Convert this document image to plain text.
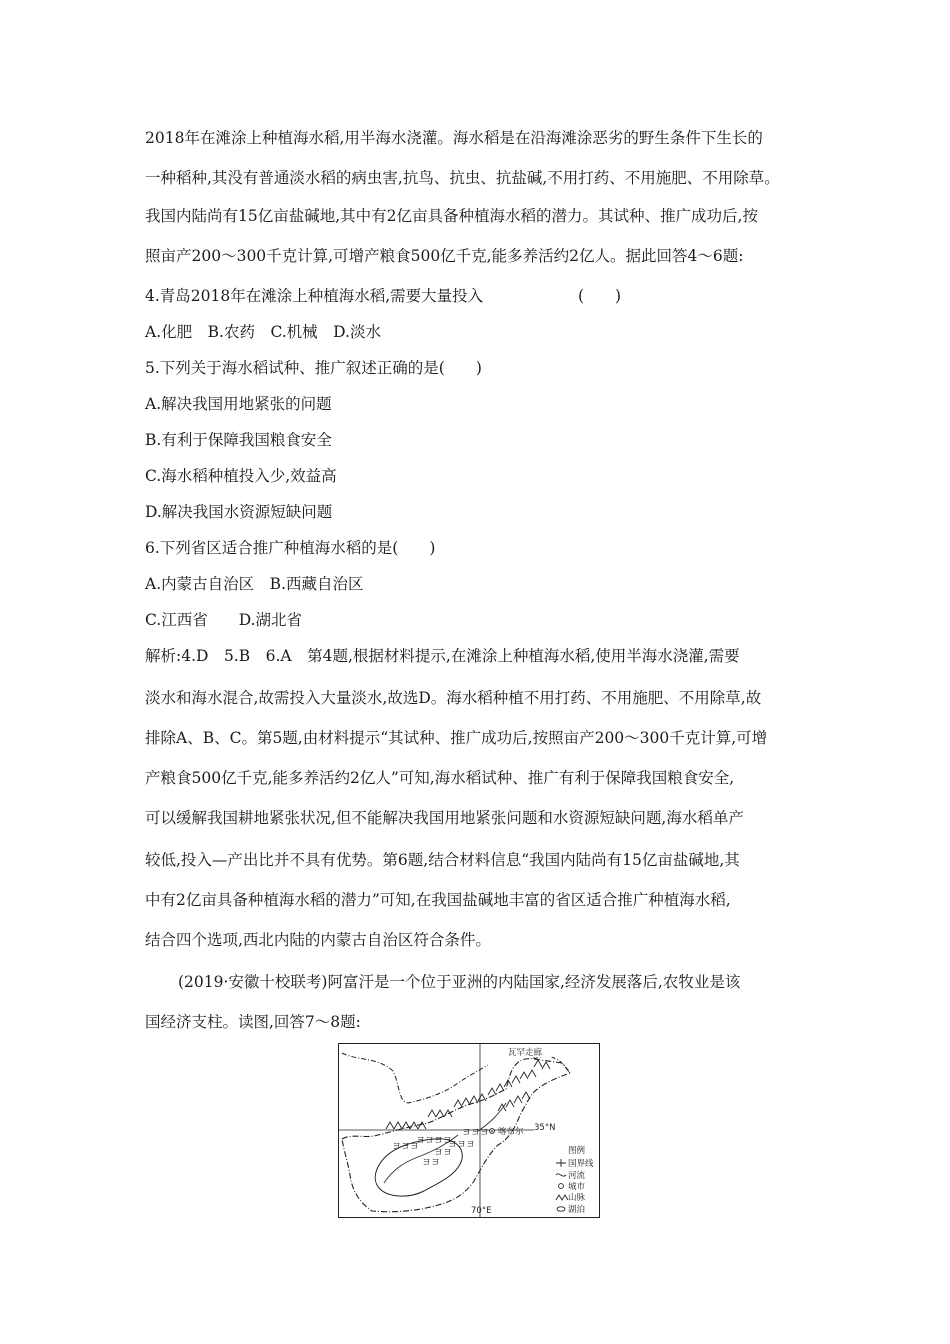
2018年在滩涂上种植海水稻,用半海水浇灌。海水稻是在沿海滩涂恶劣的野生条件下生长的
一种稻种,其没有普通淡水稻的病虫害,抗鸟、抗虫、抗盐碱,不用打药、不用施肥、不用除草。
我国内陆尚有15亿亩盐碱地,其中有2亿亩具备种植海水稻的潜力。其试种、推广成功后,按
照亩产200～300千克计算,可增产粮食500亿千克,能多养活约2亿人。据此回答4～6题:
4.青岛2018年在滩涂上种植海水稻,需要大量投入	(　　)
A.化肥　B.农药　C.机械　D.淡水
5.下列关于海水稻试种、推广叙述正确的是(　　)
A.解决我国用地紧张的问题
B.有利于保障我国粮食安全
C.海水稻种植投入少,效益高
D.解决我国水资源短缺问题
6.下列省区适合推广种植海水稻的是(　　)
A.内蒙古自治区　B.西藏自治区
C.江西省　　D.湖北省
解析:4.D　5.B　6.A　第4题,根据材料提示,在滩涂上种植海水稻,使用半海水浇灌,需要
淡水和海水混合,故需投入大量淡水,故选D。海水稻种植不用打药、不用施肥、不用除草,故
排除A、B、C。第5题,由材料提示“其试种、推广成功后,按照亩产200～300千克计算,可增
产粮食500亿千克,能多养活约2亿人”可知,海水稻试种、推广有利于保障我国粮食安全,
可以缓解我国耕地紧张状况,但不能解决我国用地紧张问题和水资源短缺问题,海水稻单产
较低,投入—产出比并不具有优势。第6题,结合材料信息“我国内陆尚有15亿亩盐碱地,其
中有2亿亩具备种植海水稻的潜力”可知,在我国盐碱地丰富的省区适合推广种植海水稻,
结合四个选项,西北内陆的内蒙古自治区符合条件。
(2019·安徽十校联考)阿富汗是一个位于亚洲的内陆国家,经济发展落后,农牧业是该
国经济支柱。读图,回答7～8题:
ヨヨヨ
ヨヨヨヨ
ヨヨ
ヨヨヨ
ヨヨ
ヨヨヨ 喀布尔
瓦罕走廊
35°N
70°E
图例
国界线
河流
城市
山脉
湖泊
